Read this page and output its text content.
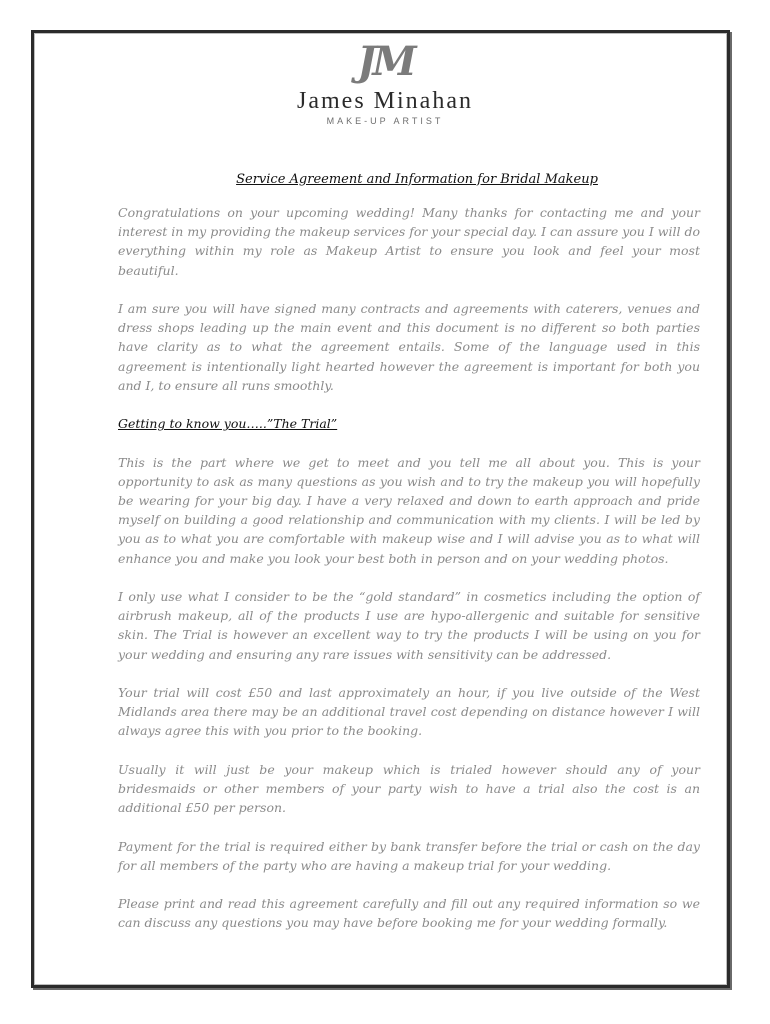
JM
James Minahan
MAKE-UP ARTIST
Service Agreement and Information for Bridal Makeup

Congratulations on your upcoming wedding! Many thanks for contacting me and your interest in my providing the makeup services for your special day. I can assure you I will do everything within my role as Makeup Artist to ensure you look and feel your most beautiful.

I am sure you will have signed many contracts and agreements with caterers, venues and dress shops leading up the main event and this document is no different so both parties have clarity as to what the agreement entails. Some of the language used in this agreement is intentionally light hearted however the agreement is important for both you and I, to ensure all runs smoothly.

Getting to know you…..”The Trial”

This is the part where we get to meet and you tell me all about you. This is your opportunity to ask as many questions as you wish and to try the makeup you will hopefully be wearing for your big day. I have a very relaxed and down to earth approach and pride myself on building a good relationship and communication with my clients. I will be led by you as to what you are comfortable with makeup wise and I will advise you as to what will enhance you and make you look your best both in person and on your wedding photos.

I only use what I consider to be the “gold standard” in cosmetics including the option of airbrush makeup, all of the products I use are hypo-allergenic and suitable for sensitive skin. The Trial is however an excellent way to try the products I will be using on you for your wedding and ensuring any rare issues with sensitivity can be addressed.

Your trial will cost £50 and last approximately an hour, if you live outside of the West Midlands area there may be an additional travel cost depending on distance however I will always agree this with you prior to the booking.

Usually it will just be your makeup which is trialed however should any of your bridesmaids or other members of your party wish to have a trial also the cost is an additional £50 per person.

Payment for the trial is required either by bank transfer before the trial or cash on the day for all members of the party who are having a makeup trial for your wedding.

Please print and read this agreement carefully and fill out any required information so we can discuss any questions you may have before booking me for your wedding formally.
